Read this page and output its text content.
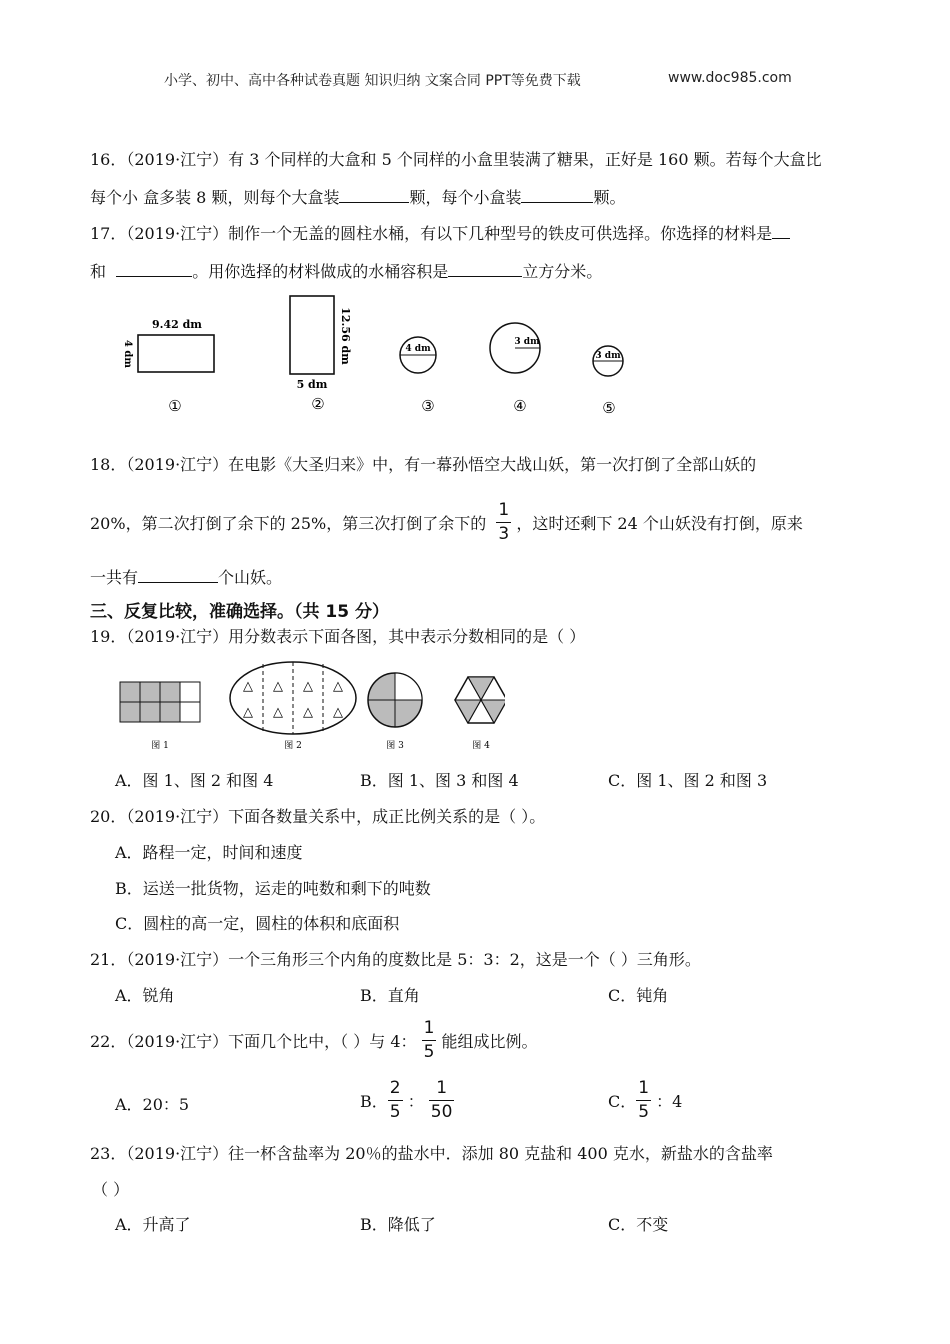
小学、初中、高中各种试卷真题 知识归纳 文案合同 PPT等免费下载	www.doc985.com
16．（2019·江宁）有 3 个同样的大盒和 5 个同样的小盒里装满了糖果，正好是 160 颗。若每个大盒比
每个小 盒多装 8 颗，则每个大盒装	颗，每个小盒装	颗。
17．（2019·江宁）制作一个无盖的圆柱水桶，有以下几种型号的铁皮可供选择。你选择的材料是
和	。用你选择的材料做成的水桶容积是	立方分米。
9.42 dm
4 dm	12.56 dm
5 dm
4 dm
3 dm
3 dm
①	②	③	④	⑤
18．（2019·江宁）在电影《大圣归来》中，有一幕孙悟空大战山妖，第一次打倒了全部山妖的
20%，第二次打倒了余下的 25%，第三次打倒了余下的
$\frac{1}{3}$
，这时还剩下 24 个山妖没有打倒，原来
一共有	个山妖。
三、反复比较，准确选择。（共 15 分）
19．（2019·江宁）用分数表示下面各图，其中表示分数相同的是（ ）
△ △ △ △
△ △ △ △
图 1	图 2	图 3	图 4
A．图 1、图 2 和图 4	B．图 1、图 3 和图 4	C．图 1、图 2 和图 3
20．（2019·江宁）下面各数量关系中，成正比例关系的是（ ）。
A．路程一定，时间和速度
B．运送一批货物，运走的吨数和剩下的吨数
C．圆柱的高一定，圆柱的体积和底面积
21．（2019·江宁）一个三角形三个内角的度数比是 5：3：2，这是一个（ ）三角形。
A．锐角	B．直角	C．钝角
22．（2019·江宁）下面几个比中，（ ）与 4：
$\frac{1}{5}$
能组成比例。
A．20：5	B． $\frac{2}{5}$
：
$\frac{1}{50}$	C． $\frac{1}{5}$
：4
23．（2019·江宁）往一杯含盐率为 20％的盐水中．添加 80 克盐和 400 克水，新盐水的含盐率
（ ）
A．升高了	B．降低了	C．不变
